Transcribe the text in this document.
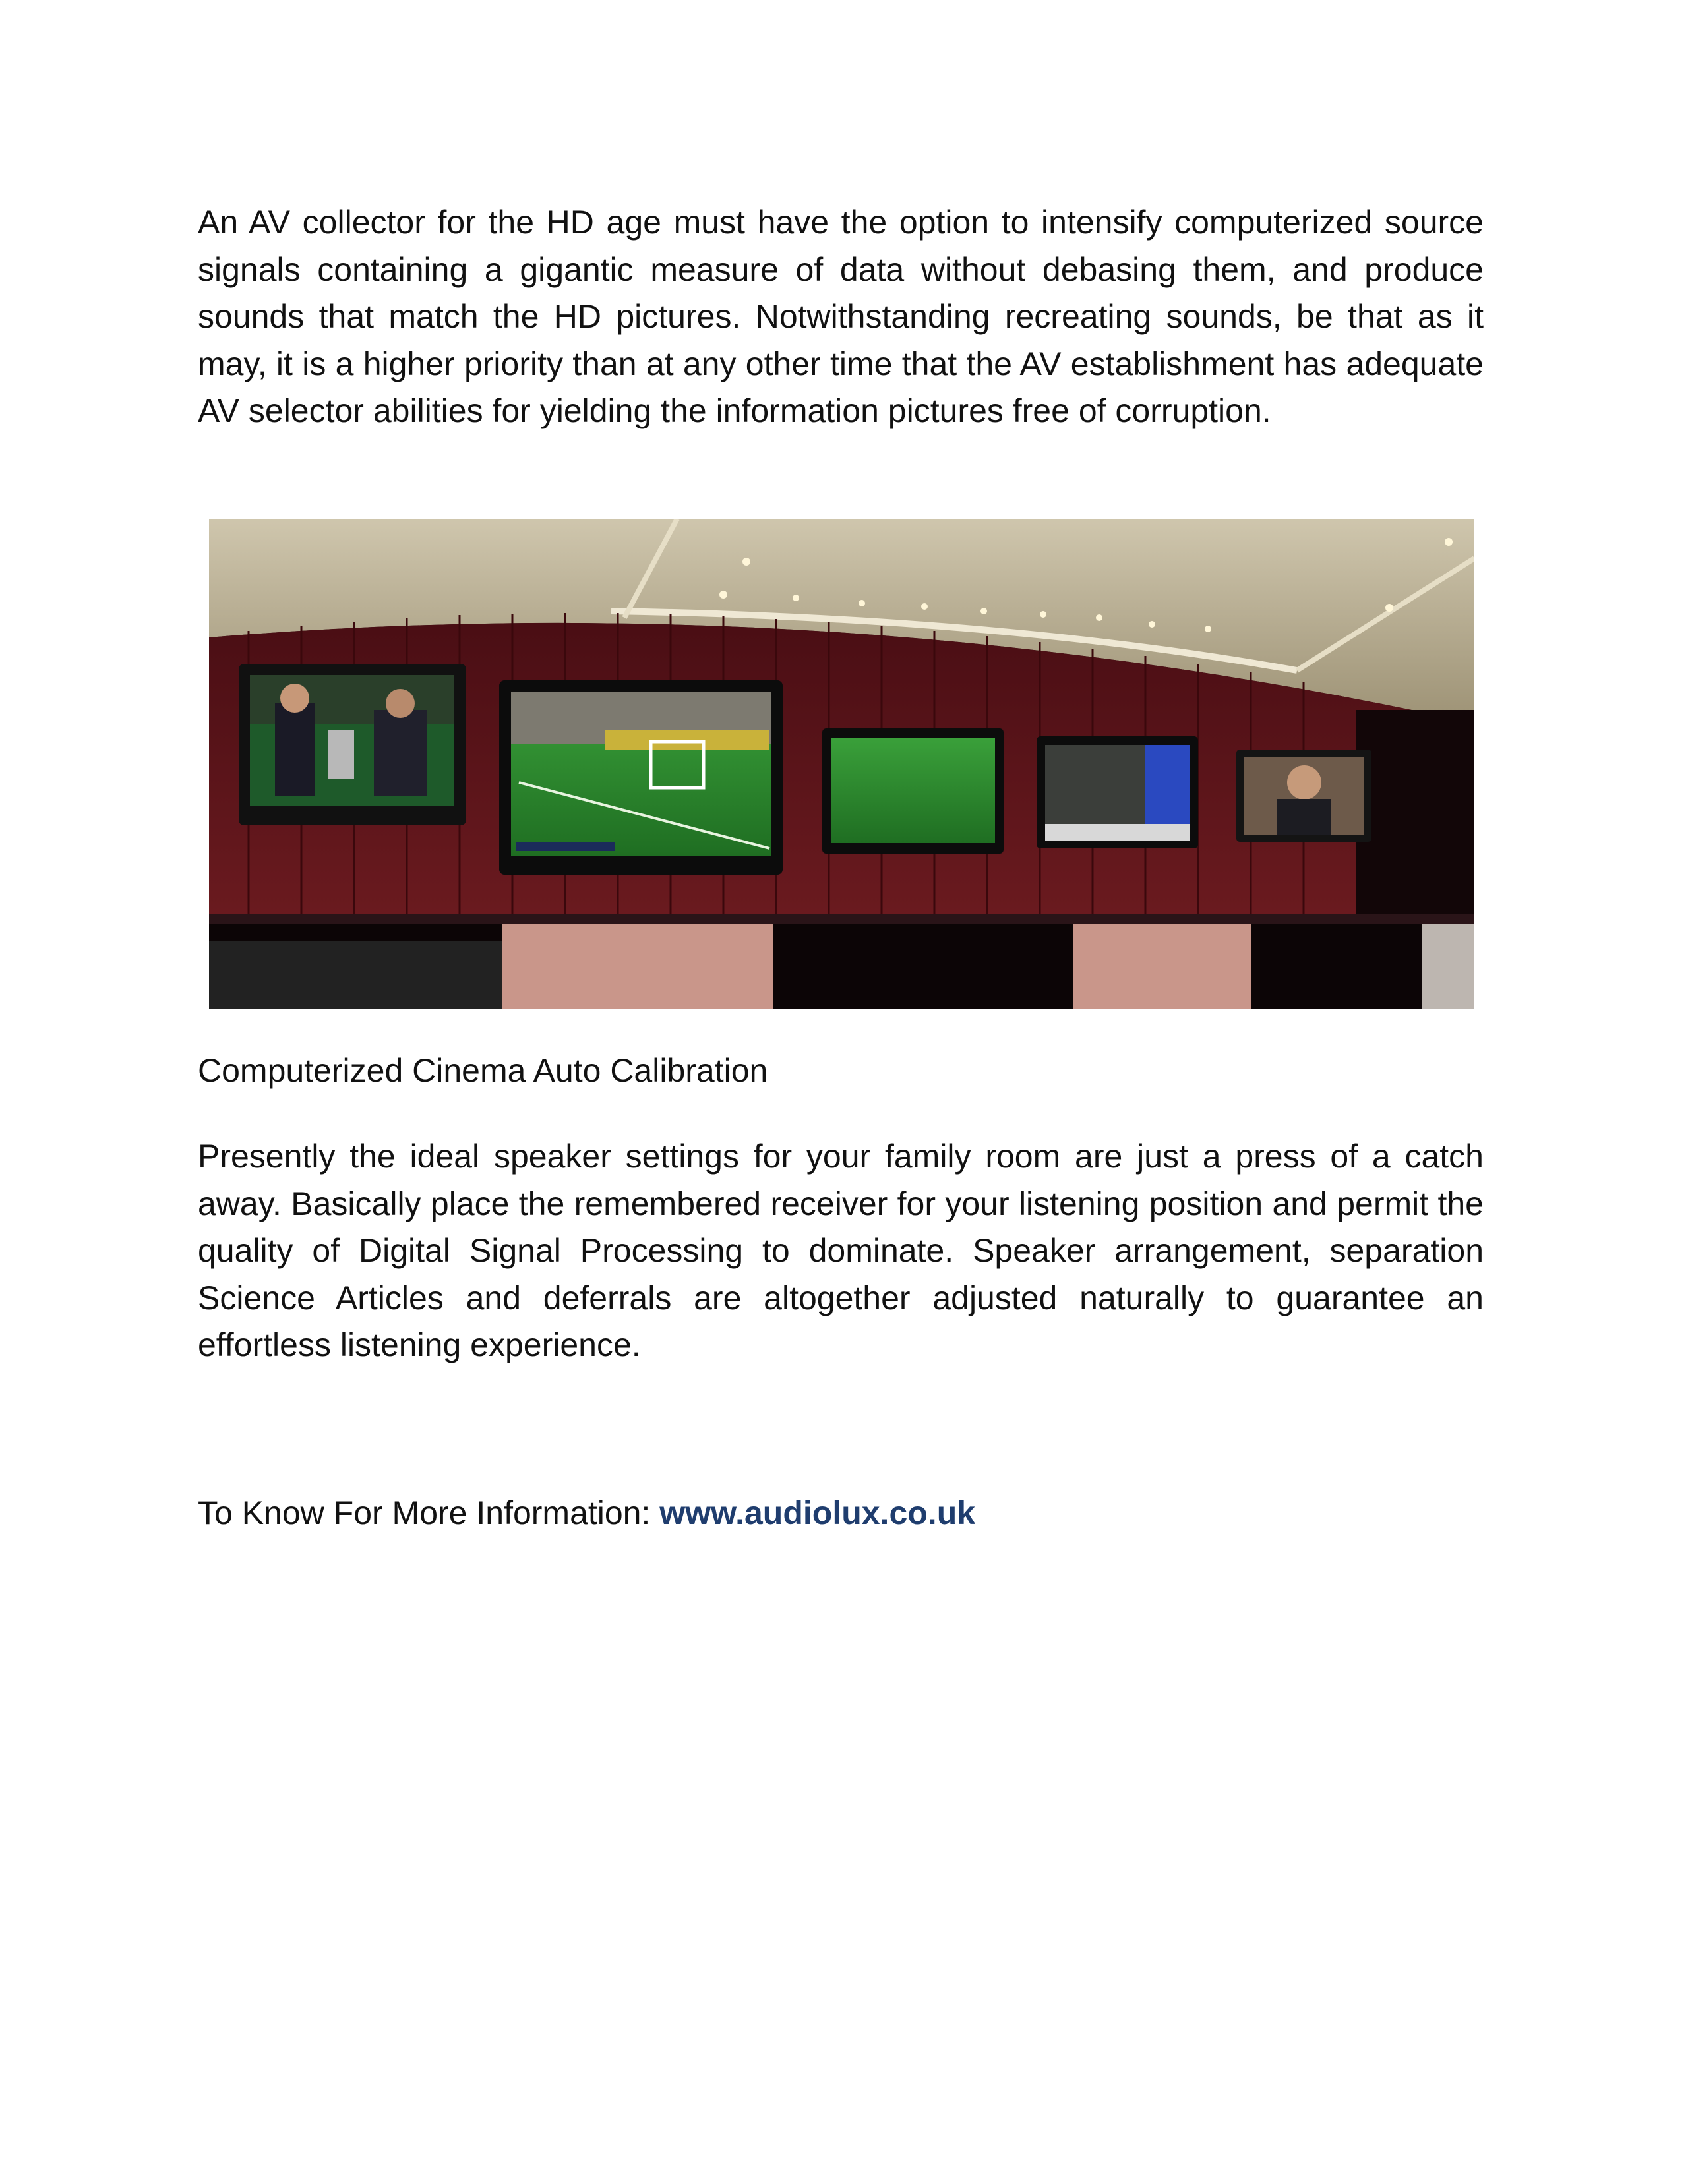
An AV collector for the HD age must have the option to intensify computerized source signals containing a gigantic measure of data without debasing them, and produce sounds that match the HD pictures. Notwithstanding recreating sounds, be that as it may, it is a higher priority than at any other time that the AV establishment has adequate AV selector abilities for yielding the information pictures free of corruption.

Computerized Cinema Auto Calibration

Presently the ideal speaker settings for your family room are just a press of a catch away. Basically place the remembered receiver for your listening position and permit the quality of Digital Signal Processing to dominate. Speaker arrangement, separation Science Articles and deferrals are altogether adjusted naturally to guarantee an effortless listening experience.

To Know For More Information: www.audiolux.co.uk
